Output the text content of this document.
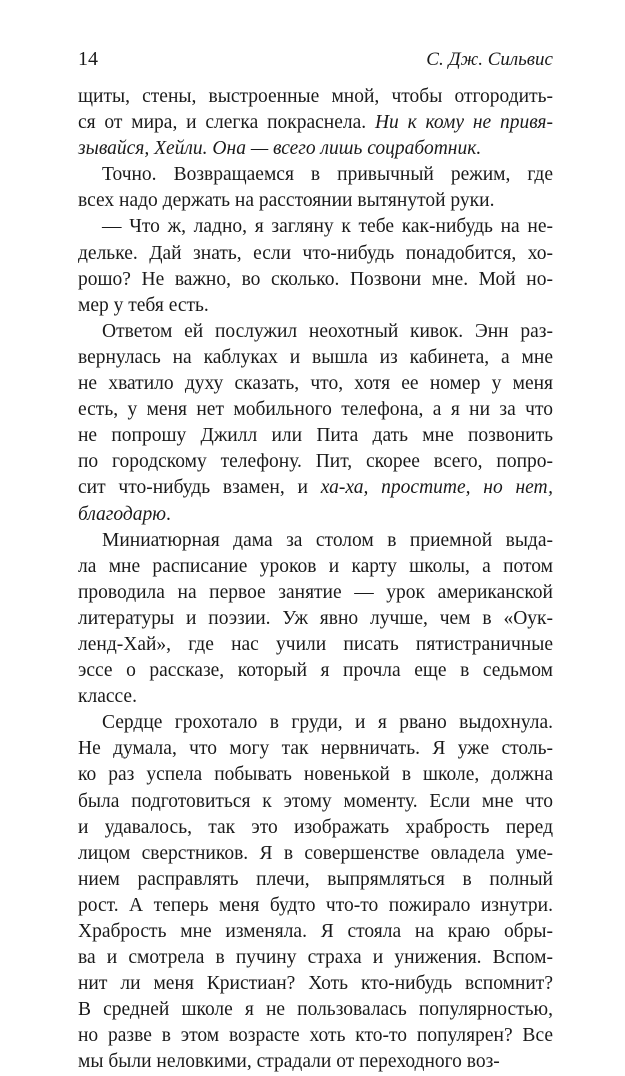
14	С. Дж. Сильвис
щиты, стены, выстроенные мной, чтобы отгородить-
ся от мира, и слегка покраснела. Ни к кому не привя-
зывайся, Хейли. Она — всего лишь соцработник.
Точно. Возвращаемся в привычный режим, где
всех надо держать на расстоянии вытянутой руки.
— Что ж, ладно, я загляну к тебе как-нибудь на не-
дельке. Дай знать, если что-нибудь понадобится, хо-
рошо? Не важно, во сколько. Позвони мне. Мой но-
мер у тебя есть.
Ответом ей послужил неохотный кивок. Энн раз-
вернулась на каблуках и вышла из кабинета, а мне
не хватило духу сказать, что, хотя ее номер у меня
есть, у меня нет мобильного телефона, а я ни за что
не попрошу Джилл или Пита дать мне позвонить
по городскому телефону. Пит, скорее всего, попро-
сит что-нибудь взамен, и ха-ха, простите, но нет,
благодарю.
Миниатюрная дама за столом в приемной выда-
ла мне расписание уроков и карту школы, а потом
проводила на первое занятие — урок американской
литературы и поэзии. Уж явно лучше, чем в «Оук-
ленд-Хай», где нас учили писать пятистраничные
эссе о рассказе, который я прочла еще в седьмом
классе.
Сердце грохотало в груди, и я рвано выдохнула.
Не думала, что могу так нервничать. Я уже столь-
ко раз успела побывать новенькой в школе, должна
была подготовиться к этому моменту. Если мне что
и удавалось, так это изображать храбрость перед
лицом сверстников. Я в совершенстве овладела уме-
нием расправлять плечи, выпрямляться в полный
рост. А теперь меня будто что-то пожирало изнутри.
Храбрость мне изменяла. Я стояла на краю обры-
ва и смотрела в пучину страха и унижения. Вспом-
нит ли меня Кристиан? Хоть кто-нибудь вспомнит?
В средней школе я не пользовалась популярностью,
но разве в этом возрасте хоть кто-то популярен? Все
мы были неловкими, страдали от переходного воз-
